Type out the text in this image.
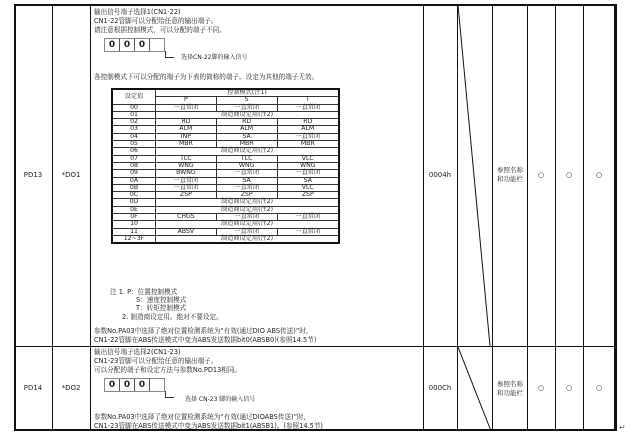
PD13	*DO1	0004h
参照名称和功能栏
○	○	○
输出信号端子选择1(CN1-22)
CN1-22管脚可以分配给任意的输出端子。
请注意根据控制模式，可以分配的端子不同。
0 0 0
选择CN-22脚的输入信号
各控制模式下可以分配的端子为下表的简称的端子。设定为其他的端子无效。
设定值	控制模式(注1)		
	P	S	T
00	一直常闭	一直常闭	一直常闭
01	制造商设定用(注2)		
02	RD	RD	RD
03	ALM	ALM	ALM
04	INP	SA	一直常闭
05	MBR	MBR	MBR
06	制造商设定用(注2)		
07	TLC	TLC	VLC
08	WNG	WNG	WNG
09	BWNG	一直常闭	一直常闭
0A	一直常闭	SA	SA
0B	一直常闭	一直常闭	VLC
0C	ZSP	ZSP	ZSP
0D	制造商设定用(注2)		
0E	制造商设定用(注2)		
0F	CHGS	一直常闭	一直常闭
10	制造商设定用(注2)		
11	ABSV	一直常闭	一直常闭
12~3F	制造商设定用(注2)		
注 1. P：位置控制模式
S：速度控制模式
T：转矩控制模式
2. 制造商设定用。绝对不要设定。
参数No.PA03中选择了绝对位置检测系统为“有效(通过DIO ABS传送)”时，
CN1-22管脚在ABS传送模式中变为ABS发送数据bit0(ABSB0)(参照14.5节)
PD14	*DO2	000Ch
参照名称和功能栏
○	○	○
输出信号端子选择2(CN1-23)
CN1-23管脚可以分配给任意的输出端子。
可以分配的端子和设定方法与参数No.PD13相同。
0 0 0
选择 CN-23 脚的输入信号
参数No.PA03中选择了绝对位置检测系统为“有效(通过DIOABS传送)”时，
CN1-23管脚在ABS传送模式中变为ABS发送数据bit1(ABSB1)。(参照14.5节)	↵
